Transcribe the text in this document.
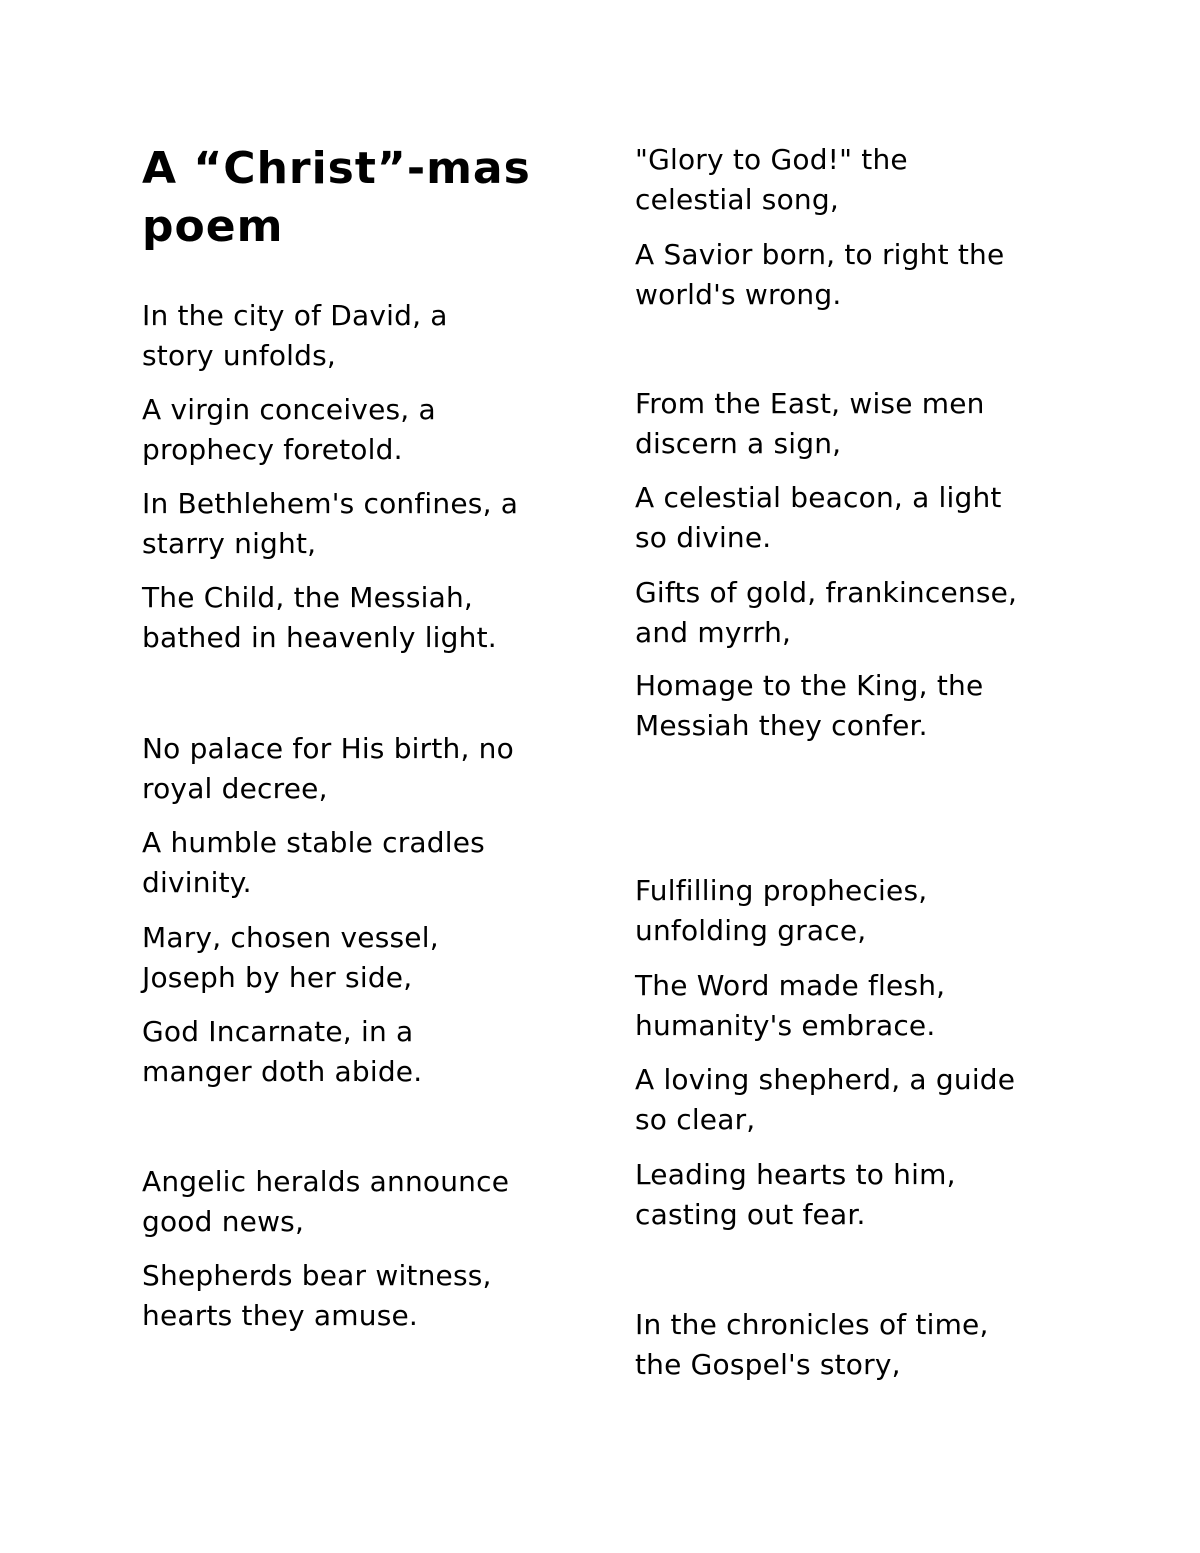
A “Christ”-mas
poem

In the city of David, a
story unfolds,

A virgin conceives, a
prophecy foretold.

In Bethlehem's confines, a
starry night,

The Child, the Messiah,
bathed in heavenly light.

No palace for His birth, no
royal decree,

A humble stable cradles
divinity.

Mary, chosen vessel,
Joseph by her side,

God Incarnate, in a
manger doth abide.

Angelic heralds announce
good news,

Shepherds bear witness,
hearts they amuse.

"Glory to God!" the
celestial song,

A Savior born, to right the
world's wrong.

From the East, wise men
discern a sign,

A celestial beacon, a light
so divine.

Gifts of gold, frankincense,
and myrrh,

Homage to the King, the
Messiah they confer.

Fulfilling prophecies,
unfolding grace,

The Word made flesh,
humanity's embrace.

A loving shepherd, a guide
so clear,

Leading hearts to him,
casting out fear.

In the chronicles of time,
the Gospel's story,
